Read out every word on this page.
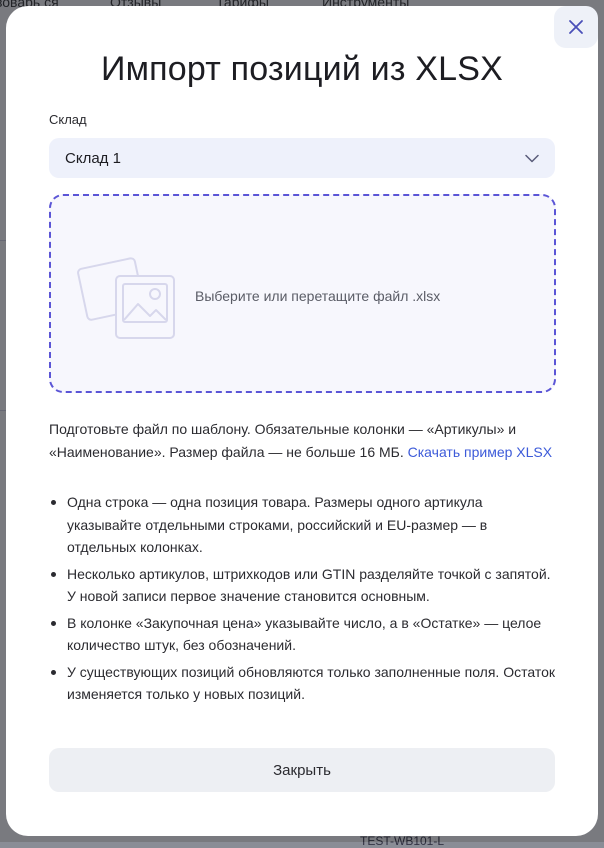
Импорт позиций из XLSX
Склад
Склад 1
Выберите или перетащите файл .xlsx
Подготовьте файл по шаблону. Обязательные колонки — «Артикулы» и «Наименование». Размер файла — не больше 16 МБ. Скачать пример XLSX
Одна строка — одна позиция товара. Размеры одного артикула указывайте отдельными строками, российский и EU-размер — в отдельных колонках.
Несколько артикулов, штрихкодов или GTIN разделяйте точкой с запятой. У новой записи первое значение становится основным.
В колонке «Закупочная цена» указывайте число, а в «Остатке» — целое количество штук, без обозначений.
У существующих позиций обновляются только заполненные поля. Остаток изменяется только у новых позиций.
Закрыть
